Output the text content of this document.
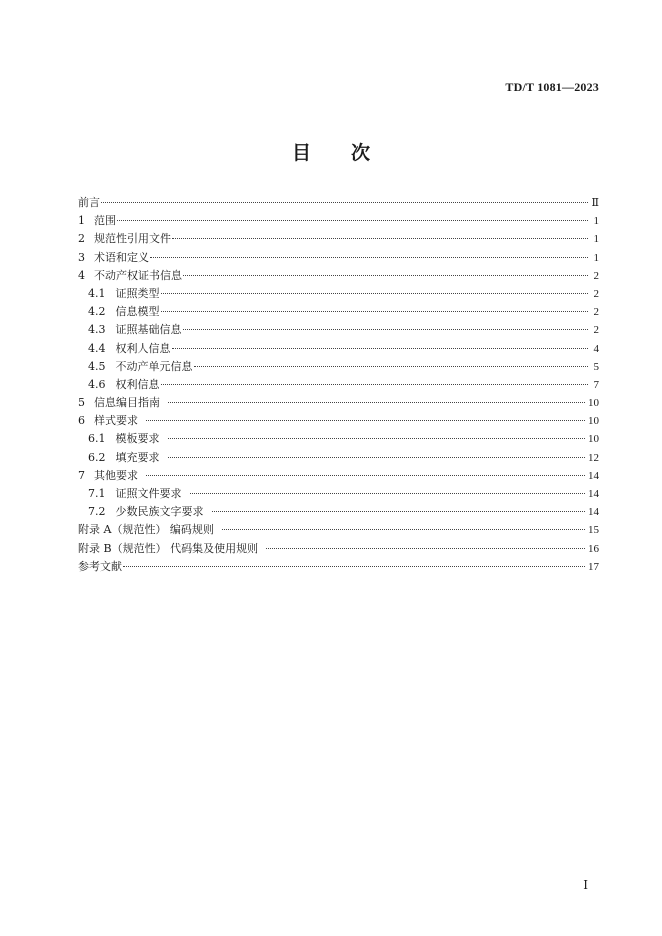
TD/T 1081—2023
目次
前言	Ⅱ
1 范围	1
2 规范性引用文件	1
3 术语和定义	1
4 不动产权证书信息	2
4.1 证照类型	2
4.2 信息模型	2
4.3 证照基础信息	2
4.4 权利人信息	4
4.5 不动产单元信息	5
4.6 权利信息	7
5 信息编目指南	10
6 样式要求	10
6.1 模板要求	10
6.2 填充要求	12
7 其他要求	14
7.1 证照文件要求	14
7.2 少数民族文字要求	14
附录 A（规范性） 编码规则	15
附录 B（规范性） 代码集及使用规则	16
参考文献	17
Ⅰ
